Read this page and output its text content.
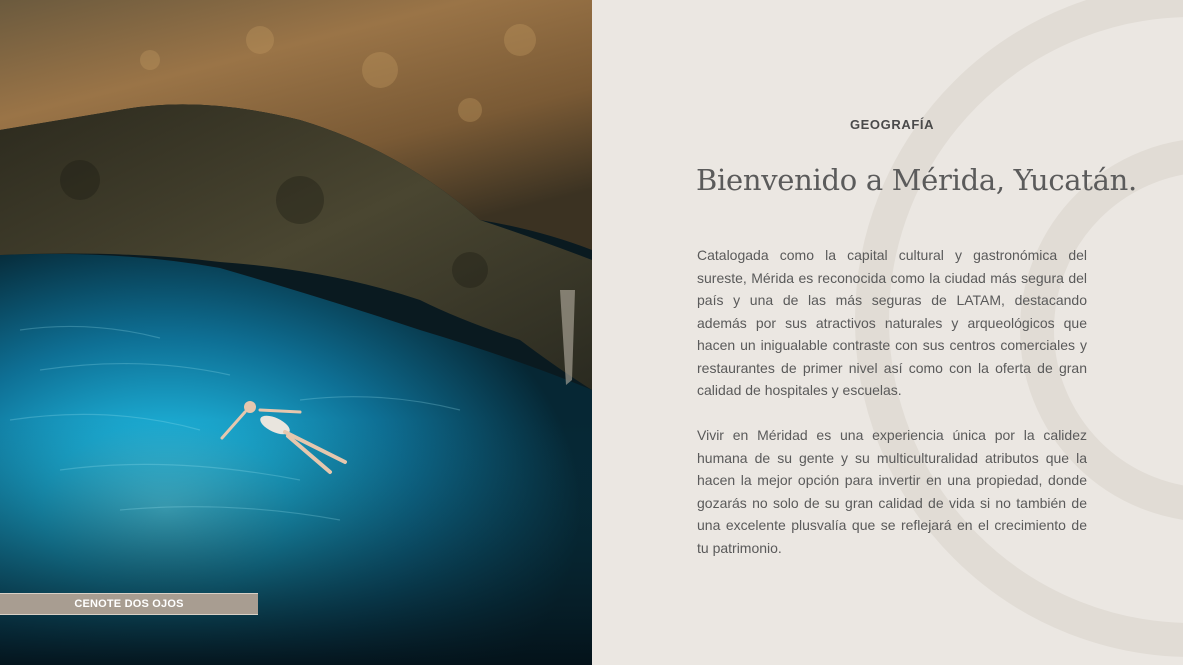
CENOTE DOS OJOS
GEOGRAFÍA
Bienvenido a Mérida, Yucatán.

Catalogada como la capital cultural y gastronómica del sureste, Mérida es reconocida como la ciudad más segura del país y una de las más seguras de LATAM, destacando además por sus atractivos naturales y arqueológicos que hacen un inigualable contraste con sus centros comerciales y restaurantes de primer nivel así como con la oferta de gran calidad de hospitales y escuelas.

Vivir en Méridad es una experiencia única por la calidez humana de su gente y su multiculturalidad atributos que la hacen la mejor opción para invertir en una propiedad, donde gozarás no solo de su gran calidad de vida si no también de una excelente plusvalía que se reflejará en el crecimiento de tu patrimonio.
